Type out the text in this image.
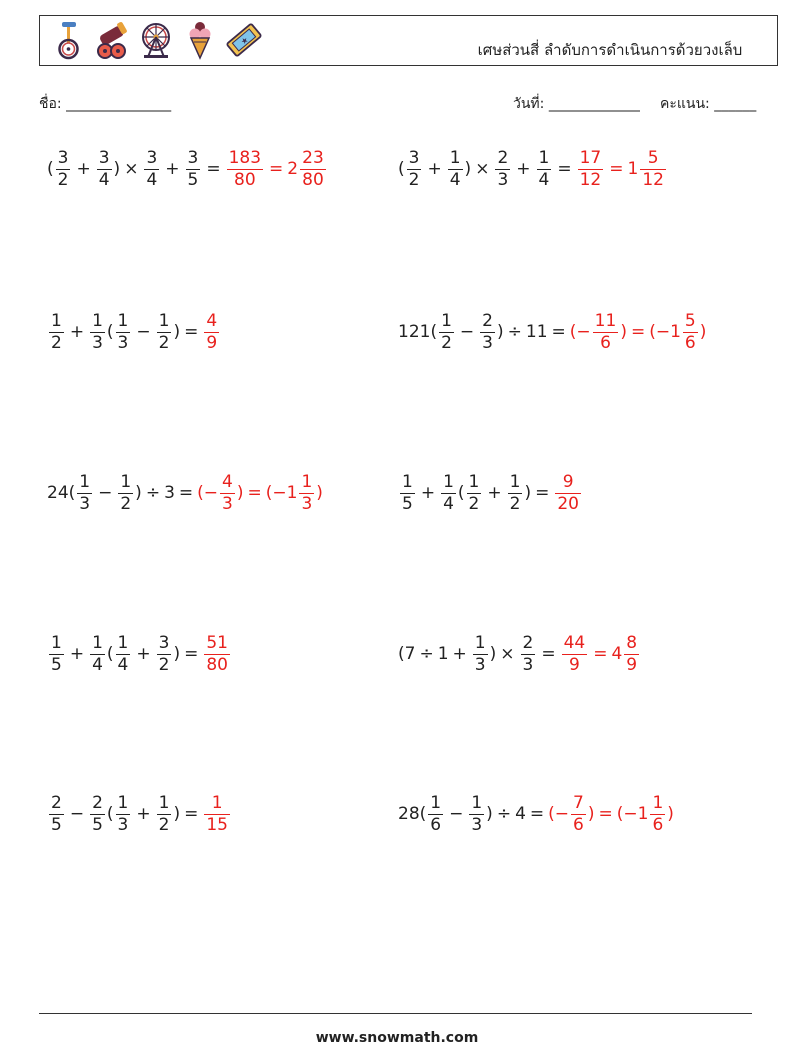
★
เศษส่วนสี่ ลำดับการดำเนินการด้วยวงเล็บ
ชื่อ: _______________	วันที่: _____________ คะแนน: ______
( $\frac{3}{2} + \frac{3}{4}$ ) × $\frac{3}{4} + \frac{3}{5} = \frac{183}{80} = 2 \frac{23}{80}$	( $\frac{3}{2} + \frac{1}{4}$ ) × $\frac{2}{3} + \frac{1}{4} = \frac{17}{12} = 1 \frac{5}{12}$
$\frac{1}{2} + \frac{1}{3}$ ( $\frac{1}{3} - \frac{1}{2}$ ) = $\frac{4}{9}$	$121( \frac{1}{2} - \frac{2}{3}$ ) ÷ 11 = (− $\frac{11}{6}$ ) = ($-1 \frac{5}{6}$ )
$24( \frac{1}{3} - \frac{1}{2}$ ) ÷ 3 = (− $\frac{4}{3}$ ) = ($-1 \frac{1}{3}$ )	$\frac{1}{5} + \frac{1}{4}$ ( $\frac{1}{2} + \frac{1}{2}$ ) = $\frac{9}{20}$
$\frac{1}{5} + \frac{1}{4}$ ( $\frac{1}{4} + \frac{3}{2}$ ) = $\frac{51}{80}$	($7 \div 1 + \frac{1}{3}$ ) × $\frac{2}{3} = \frac{44}{9} = 4 \frac{8}{9}$
$\frac{2}{5} - \frac{2}{5}$ ( $\frac{1}{3} + \frac{1}{2}$ ) = $\frac{1}{15}$	$28( \frac{1}{6} - \frac{1}{3}$ ) ÷ 4 = (− $\frac{7}{6}$ ) = ($-1 \frac{1}{6}$ )
www.snowmath.com
